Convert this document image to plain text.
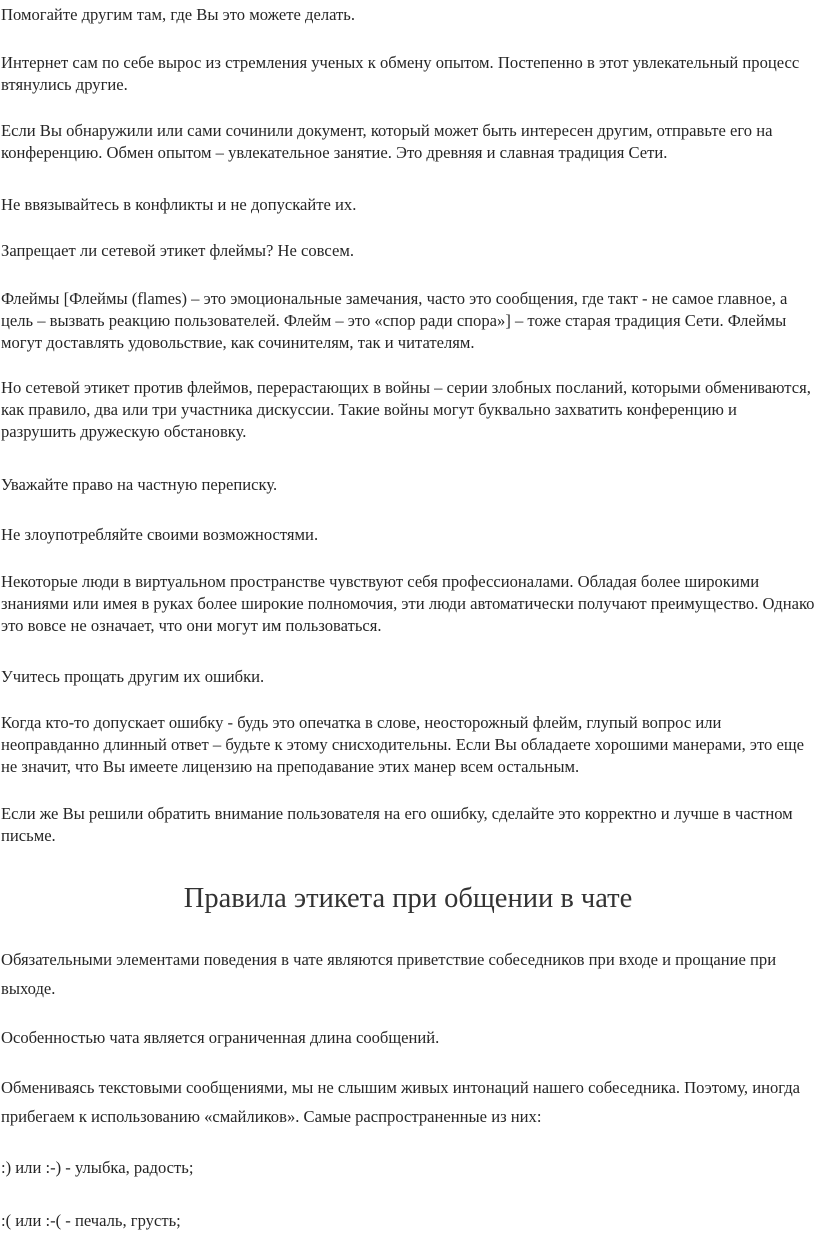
Помогайте другим там, где Вы это можете делать.

Интернет сам по себе вырос из стремления ученых к обмену опытом. Постепенно в этот увлекательный процесс втянулись другие.

Если Вы обнаружили или сами сочинили документ, который может быть интересен другим, отправьте его на конференцию. Обмен опытом – увлекательное занятие. Это древняя и славная традиция Сети.

Не ввязывайтесь в конфликты и не допускайте их.

Запрещает ли сетевой этикет флеймы? Не совсем.

Флеймы [Флеймы (flames) – это эмоциональные замечания, часто это сообщения, где такт - не самое главное, а цель – вызвать реакцию пользователей. Флейм – это «спор ради спора»] – тоже старая традиция Сети. Флеймы могут доставлять удовольствие, как сочинителям, так и читателям.

Но сетевой этикет против флеймов, перерастающих в войны – серии злобных посланий, которыми обмениваются, как правило, два или три участника дискуссии. Такие войны могут буквально захватить конференцию и разрушить дружескую обстановку.

Уважайте право на частную переписку.

Не злоупотребляйте своими возможностями.

Некоторые люди в виртуальном пространстве чувствуют себя профессионалами. Обладая более широкими знаниями или имея в руках более широкие полномочия, эти люди автоматически получают преимущество. Однако это вовсе не означает, что они могут им пользоваться.

Учитесь прощать другим их ошибки.

Когда кто-то допускает ошибку - будь это опечатка в слове, неосторожный флейм, глупый вопрос или неоправданно длинный ответ – будьте к этому снисходительны. Если Вы обладаете хорошими манерами, это еще не значит, что Вы имеете лицензию на преподавание этих манер всем остальным.

Если же Вы решили обратить внимание пользователя на его ошибку, сделайте это корректно и лучше в частном письме.

Правила этикета при общении в чате

Обязательными элементами поведения в чате являются приветствие собеседников при входе и прощание при выходе.

Особенностью чата является ограниченная длина сообщений.

Обмениваясь текстовыми сообщениями, мы не слышим живых интонаций нашего собеседника. Поэтому, иногда прибегаем к использованию «смайликов». Самые распространенные из них:

:) или :-) - улыбка, радость;

:( или :-( - печаль, грусть;
